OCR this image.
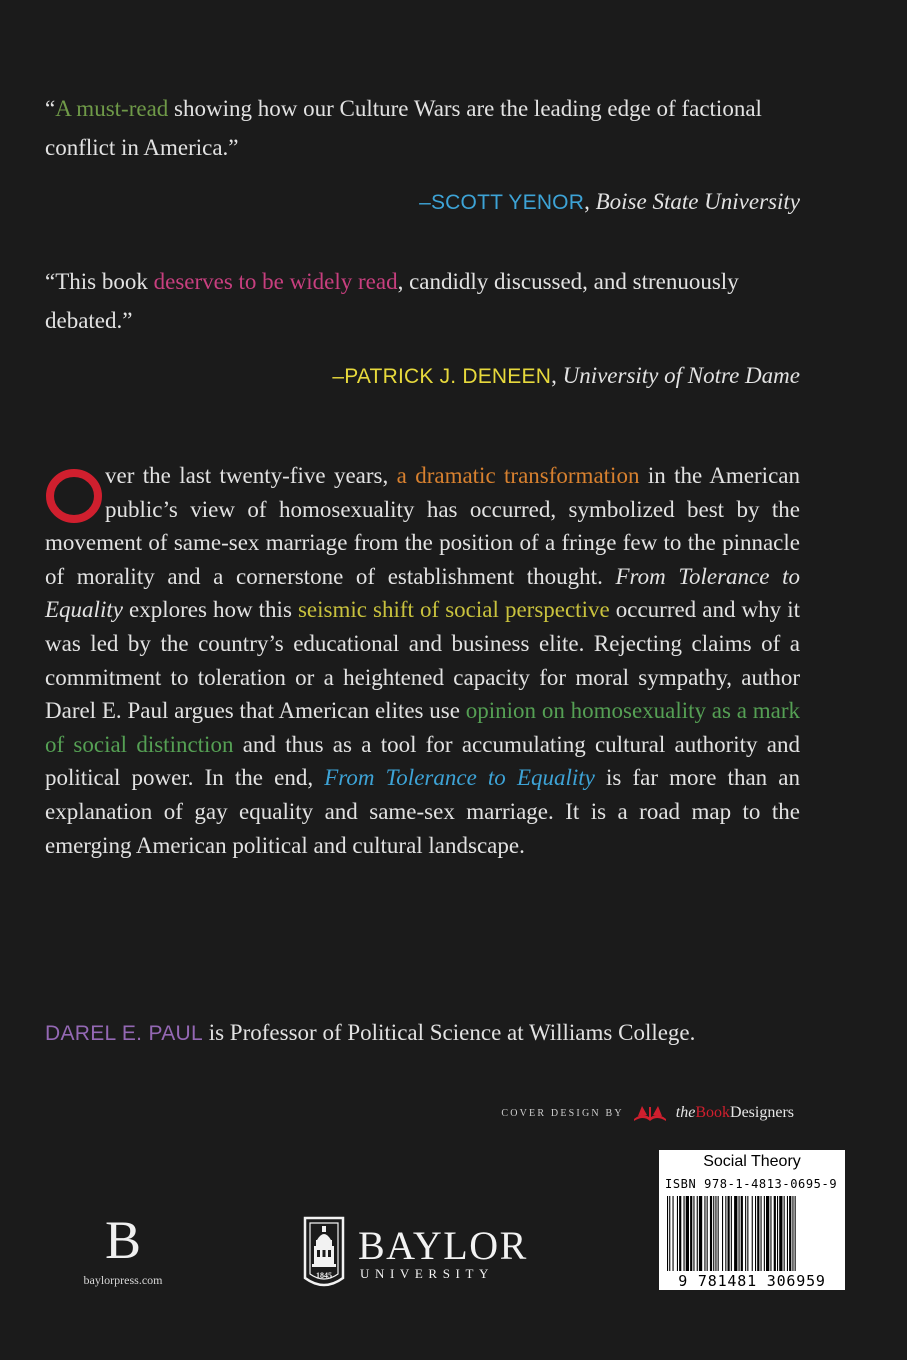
“A must-read showing how our Culture Wars are the leading edge of factional conflict in America.”

–SCOTT YENOR, Boise State University

“This book deserves to be widely read, candidly discussed, and strenuously debated.”

–PATRICK J. DENEEN, University of Notre Dame

ver the last twenty-five years, a dramatic transformation in the American public’s view of homosexuality has occurred, symbolized best by the movement of same-sex marriage from the position of a fringe few to the pinnacle of morality and a cornerstone of establishment thought. From Tolerance to Equality explores how this seismic shift of social perspective occurred and why it was led by the country’s educational and business elite. Rejecting claims of a commitment to toleration or a heightened capacity for moral sympathy, author Darel E. Paul argues that American elites use opinion on homosexuality as a mark of social distinction and thus as a tool for accumulating cultural authority and political power. In the end, From Tolerance to Equality is far more than an explanation of gay equality and same-sex marriage. It is a road map to the emerging American political and cultural landscape.

DAREL E. PAUL is Professor of Political Science at Williams College.

COVER DESIGN BY	theBookDesigners
B
baylorpress.com	1845
BAYLOR
UNIVERSITY
Social Theory
ISBN 978-1-4813-0695-9
9 781481 306959
